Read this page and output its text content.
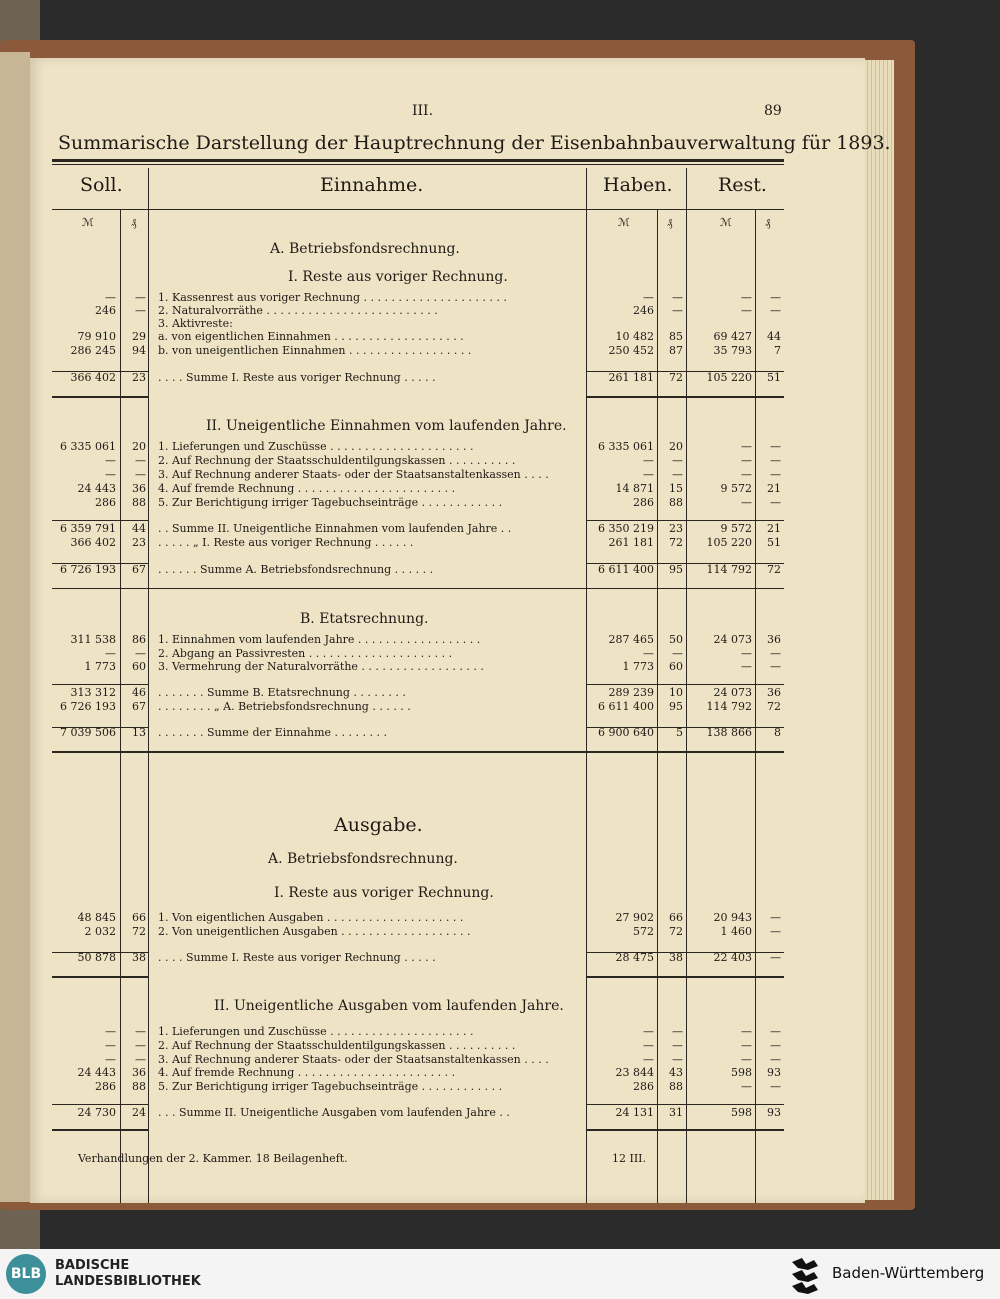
III.	89
Summarische Darstellung der Hauptrechnung der Eisenbahnbauverwaltung für 1893.
Soll.	Einnahme.	Haben. Rest.
ℳ	₰	ℳ	₰	ℳ	₰
A. Betriebsfondsrechnung.
I. Reste aus voriger Rechnung.
II. Uneigentliche Einnahmen vom laufenden Jahre.
B. Etatsrechnung.
Ausgabe.
A. Betriebsfondsrechnung.
I. Reste aus voriger Rechnung.
II. Uneigentliche Ausgaben vom laufenden Jahre.
—	— 1. Kassenrest aus voriger Rechnung . . . . . . . . . . . . . . . . . . . . .	—	—	—	—
246	— 2. Naturalvorräthe . . . . . . . . . . . . . . . . . . . . . . . . .	246	—	—	—
3. Aktivreste:
79 910	29 a. von eigentlichen Einnahmen . . . . . . . . . . . . . . . . . . .	10 482	85	69 427	44
286 245	94 b. von uneigentlichen Einnahmen . . . . . . . . . . . . . . . . . .	250 452	87	35 793	7
366 402	23 . . . . Summe I. Reste aus voriger Rechnung . . . . .	261 181	72	105 220	51
6 335 061	20 1. Lieferungen und Zuschüsse . . . . . . . . . . . . . . . . . . . . .	6 335 061	20	—	—
—	— 2. Auf Rechnung der Staatsschuldentilgungskassen . . . . . . . . . .	—	—	—	—
—	— 3. Auf Rechnung anderer Staats- oder der Staatsanstaltenkassen . . . .	—	—	—	—
24 443	36 4. Auf fremde Rechnung . . . . . . . . . . . . . . . . . . . . . . .	14 871	15	9 572	21
286	88 5. Zur Berichtigung irriger Tagebuchseinträge . . . . . . . . . . . .	286	88	—	—
6 359 791	44 . . Summe II. Uneigentliche Einnahmen vom laufenden Jahre . .	6 350 219	23	9 572	21
366 402	23 . . . . . „ I. Reste aus voriger Rechnung . . . . . .	261 181	72	105 220	51
6 726 193	67 . . . . . . Summe A. Betriebsfondsrechnung . . . . . .	6 611 400	95	114 792	72
311 538	86 1. Einnahmen vom laufenden Jahre . . . . . . . . . . . . . . . . . .	287 465	50	24 073	36
—	— 2. Abgang an Passivresten . . . . . . . . . . . . . . . . . . . . .	—	—	—	—
1 773	60 3. Vermehrung der Naturalvorräthe . . . . . . . . . . . . . . . . . .	1 773	60	—	—
313 312	46 . . . . . . . Summe B. Etatsrechnung . . . . . . . .	289 239	10	24 073	36
6 726 193	67 . . . . . . . . „ A. Betriebsfondsrechnung . . . . . .	6 611 400	95	114 792	72
7 039 506	13 . . . . . . . Summe der Einnahme . . . . . . . .	6 900 640	5	138 866	8
48 845	66 1. Von eigentlichen Ausgaben . . . . . . . . . . . . . . . . . . . .	27 902	66	20 943	—
2 032	72 2. Von uneigentlichen Ausgaben . . . . . . . . . . . . . . . . . . .	572	72	1 460	—
50 878	38 . . . . Summe I. Reste aus voriger Rechnung . . . . .	28 475	38	22 403	—
—	— 1. Lieferungen und Zuschüsse . . . . . . . . . . . . . . . . . . . . .	—	—	—	—
—	— 2. Auf Rechnung der Staatsschuldentilgungskassen . . . . . . . . . .	—	—	—	—
—	— 3. Auf Rechnung anderer Staats- oder der Staatsanstaltenkassen . . . .	—	—	—	—
24 443	36 4. Auf fremde Rechnung . . . . . . . . . . . . . . . . . . . . . . .	23 844	43	598	93
286	88 5. Zur Berichtigung irriger Tagebuchseinträge . . . . . . . . . . . .	286	88	—	—
24 730	24 . . . Summe II. Uneigentliche Ausgaben vom laufenden Jahre . .	24 131	31	598	93
Verhandlungen der 2. Kammer. 18 Beilagenheft.	12 III.
BLB
BADISCHE
LANDESBIBLIOTHEK	Baden-Württemberg
